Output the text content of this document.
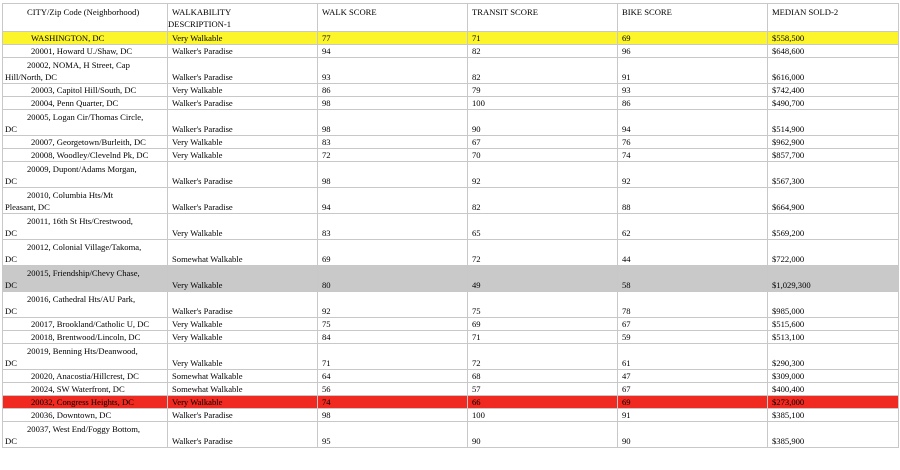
CITY/Zip Code (Neighborhood)	WALKABILITY
DESCRIPTION-1	WALK SCORE	TRANSIT SCORE	BIKE SCORE	MEDIAN SOLD-2
WASHINGTON, DC	Very Walkable	77	71	69	$558,500
20001, Howard U./Shaw, DC	Walker's Paradise	94	82	96	$648,600

20002, NOMA, H Street, Cap
Hill/North, DC	Walker's Paradise	93	82	91	$616,000
20003, Capitol Hill/South, DC	Very Walkable	86	79	93	$742,400
20004, Penn Quarter, DC	Walker's Paradise	98	100	86	$490,700

20005, Logan Cir/Thomas Circle,
DC	Walker's Paradise	98	90	94	$514,900
20007, Georgetown/Burleith, DC	Very Walkable	83	67	76	$962,900
20008, Woodley/Clevelnd Pk, DC	Very Walkable	72	70	74	$857,700

20009, Dupont/Adams Morgan,
DC	Walker's Paradise	98	92	92	$567,300

20010, Columbia Hts/Mt
Pleasant, DC	Walker's Paradise	94	82	88	$664,900

20011, 16th St Hts/Crestwood,
DC	Very Walkable	83	65	62	$569,200

20012, Colonial Village/Takoma,
DC	Somewhat Walkable	69	72	44	$722,000

20015, Friendship/Chevy Chase,
DC	Very Walkable	80	49	58	$1,029,300

20016, Cathedral Hts/AU Park,
DC	Walker's Paradise	92	75	78	$985,000
20017, Brookland/Catholic U, DC	Very Walkable	75	69	67	$515,600
20018, Brentwood/Lincoln, DC	Very Walkable	84	71	59	$513,100

20019, Benning Hts/Deanwood,
DC	Very Walkable	71	72	61	$290,300
20020, Anacostia/Hillcrest, DC	Somewhat Walkable	64	68	47	$309,000
20024, SW Waterfront, DC	Somewhat Walkable	56	57	67	$400,400
20032, Congress Heights, DC	Very Walkable	74	66	69	$273,000
20036, Downtown, DC	Walker's Paradise	98	100	91	$385,100

20037, West End/Foggy Bottom,
DC	Walker's Paradise	95	90	90	$385,900
